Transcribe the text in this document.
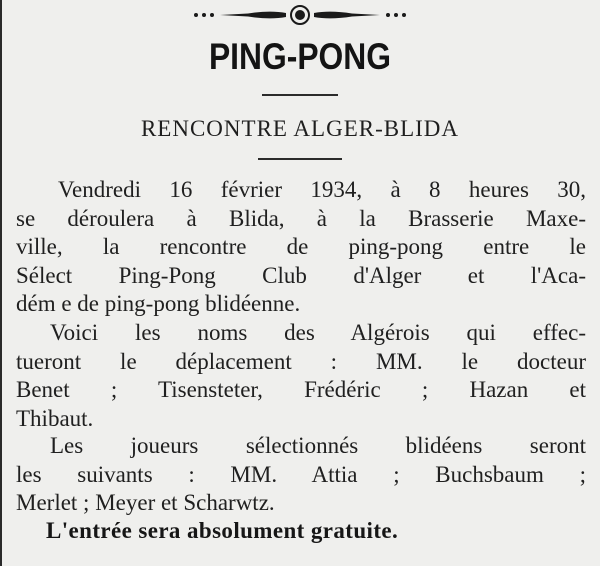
PING-PONG
RENCONTRE ALGER-BLIDA
Vendredi 16 février 1934, à 8 heures 30,
se déroulera à Blida, à la Brasserie Maxe-
ville, la rencontre de ping-pong entre le
Sélect Ping-Pong Club d'Alger et l'Aca-
dém e de ping-pong blidéenne.
Voici les noms des Algérois qui effec-
tueront le déplacement : MM. le docteur
Benet ; Tisensteter, Frédéric ; Hazan et
Thibaut.
Les joueurs sélectionnés blidéens seront
les suivants : MM. Attia ; Buchsbaum ;
Merlet ; Meyer et Scharwtz.
L'entrée sera absolument gratuite.
